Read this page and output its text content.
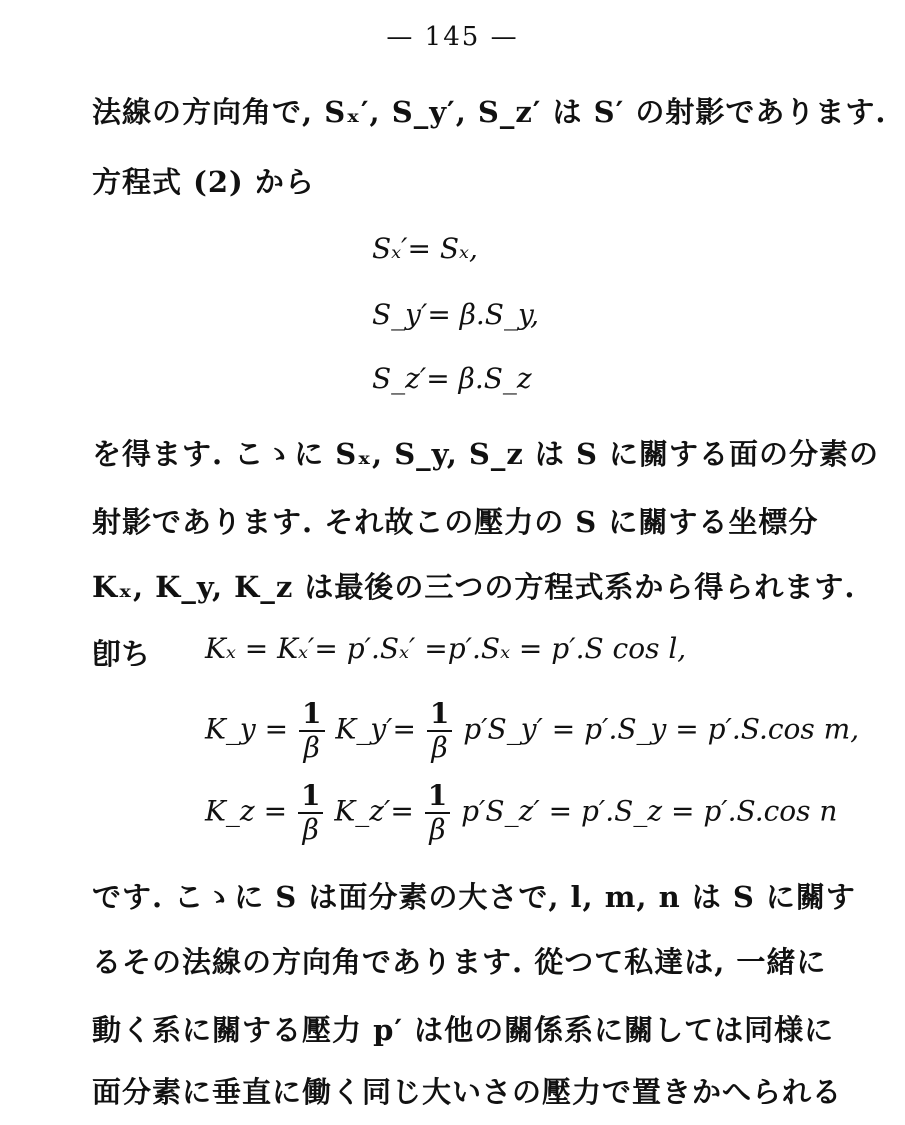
— 145 —
法線の方向角で, Sₓ′, S_y′, S_z′ は S′ の射影であります.
方程式 (2) から
Sₓ′= Sₓ,
S_y′= β.S_y,
S_z′= β.S_z
を得ます. こゝに Sₓ, S_y, S_z は S に關する面の分素の
射影であります. それ故この壓力の S に關する坐標分
Kₓ, K_y, K_z は最後の三つの方程式系から得られます.
卽ち Kₓ = Kₓ′= p′.Sₓ′ =p′.Sₓ = p′.S cos l,
K_y = $\frac{1}{\beta}$ K_y′= $\frac{1}{\beta}$ p′S_y′ = p′.S_y = p′.S.cos m,
K_z = $\frac{1}{\beta}$ K_z′= $\frac{1}{\beta}$ p′S_z′ = p′.S_z = p′.S.cos n
です. こゝに S は面分素の大さで, l, m, n は S に關す
るその法線の方向角であります. 從つて私達は, 一緒に
動く系に關する壓力 p′ は他の關係系に關しては同様に
面分素に垂直に働く同じ大いさの壓力で置きかへられる
